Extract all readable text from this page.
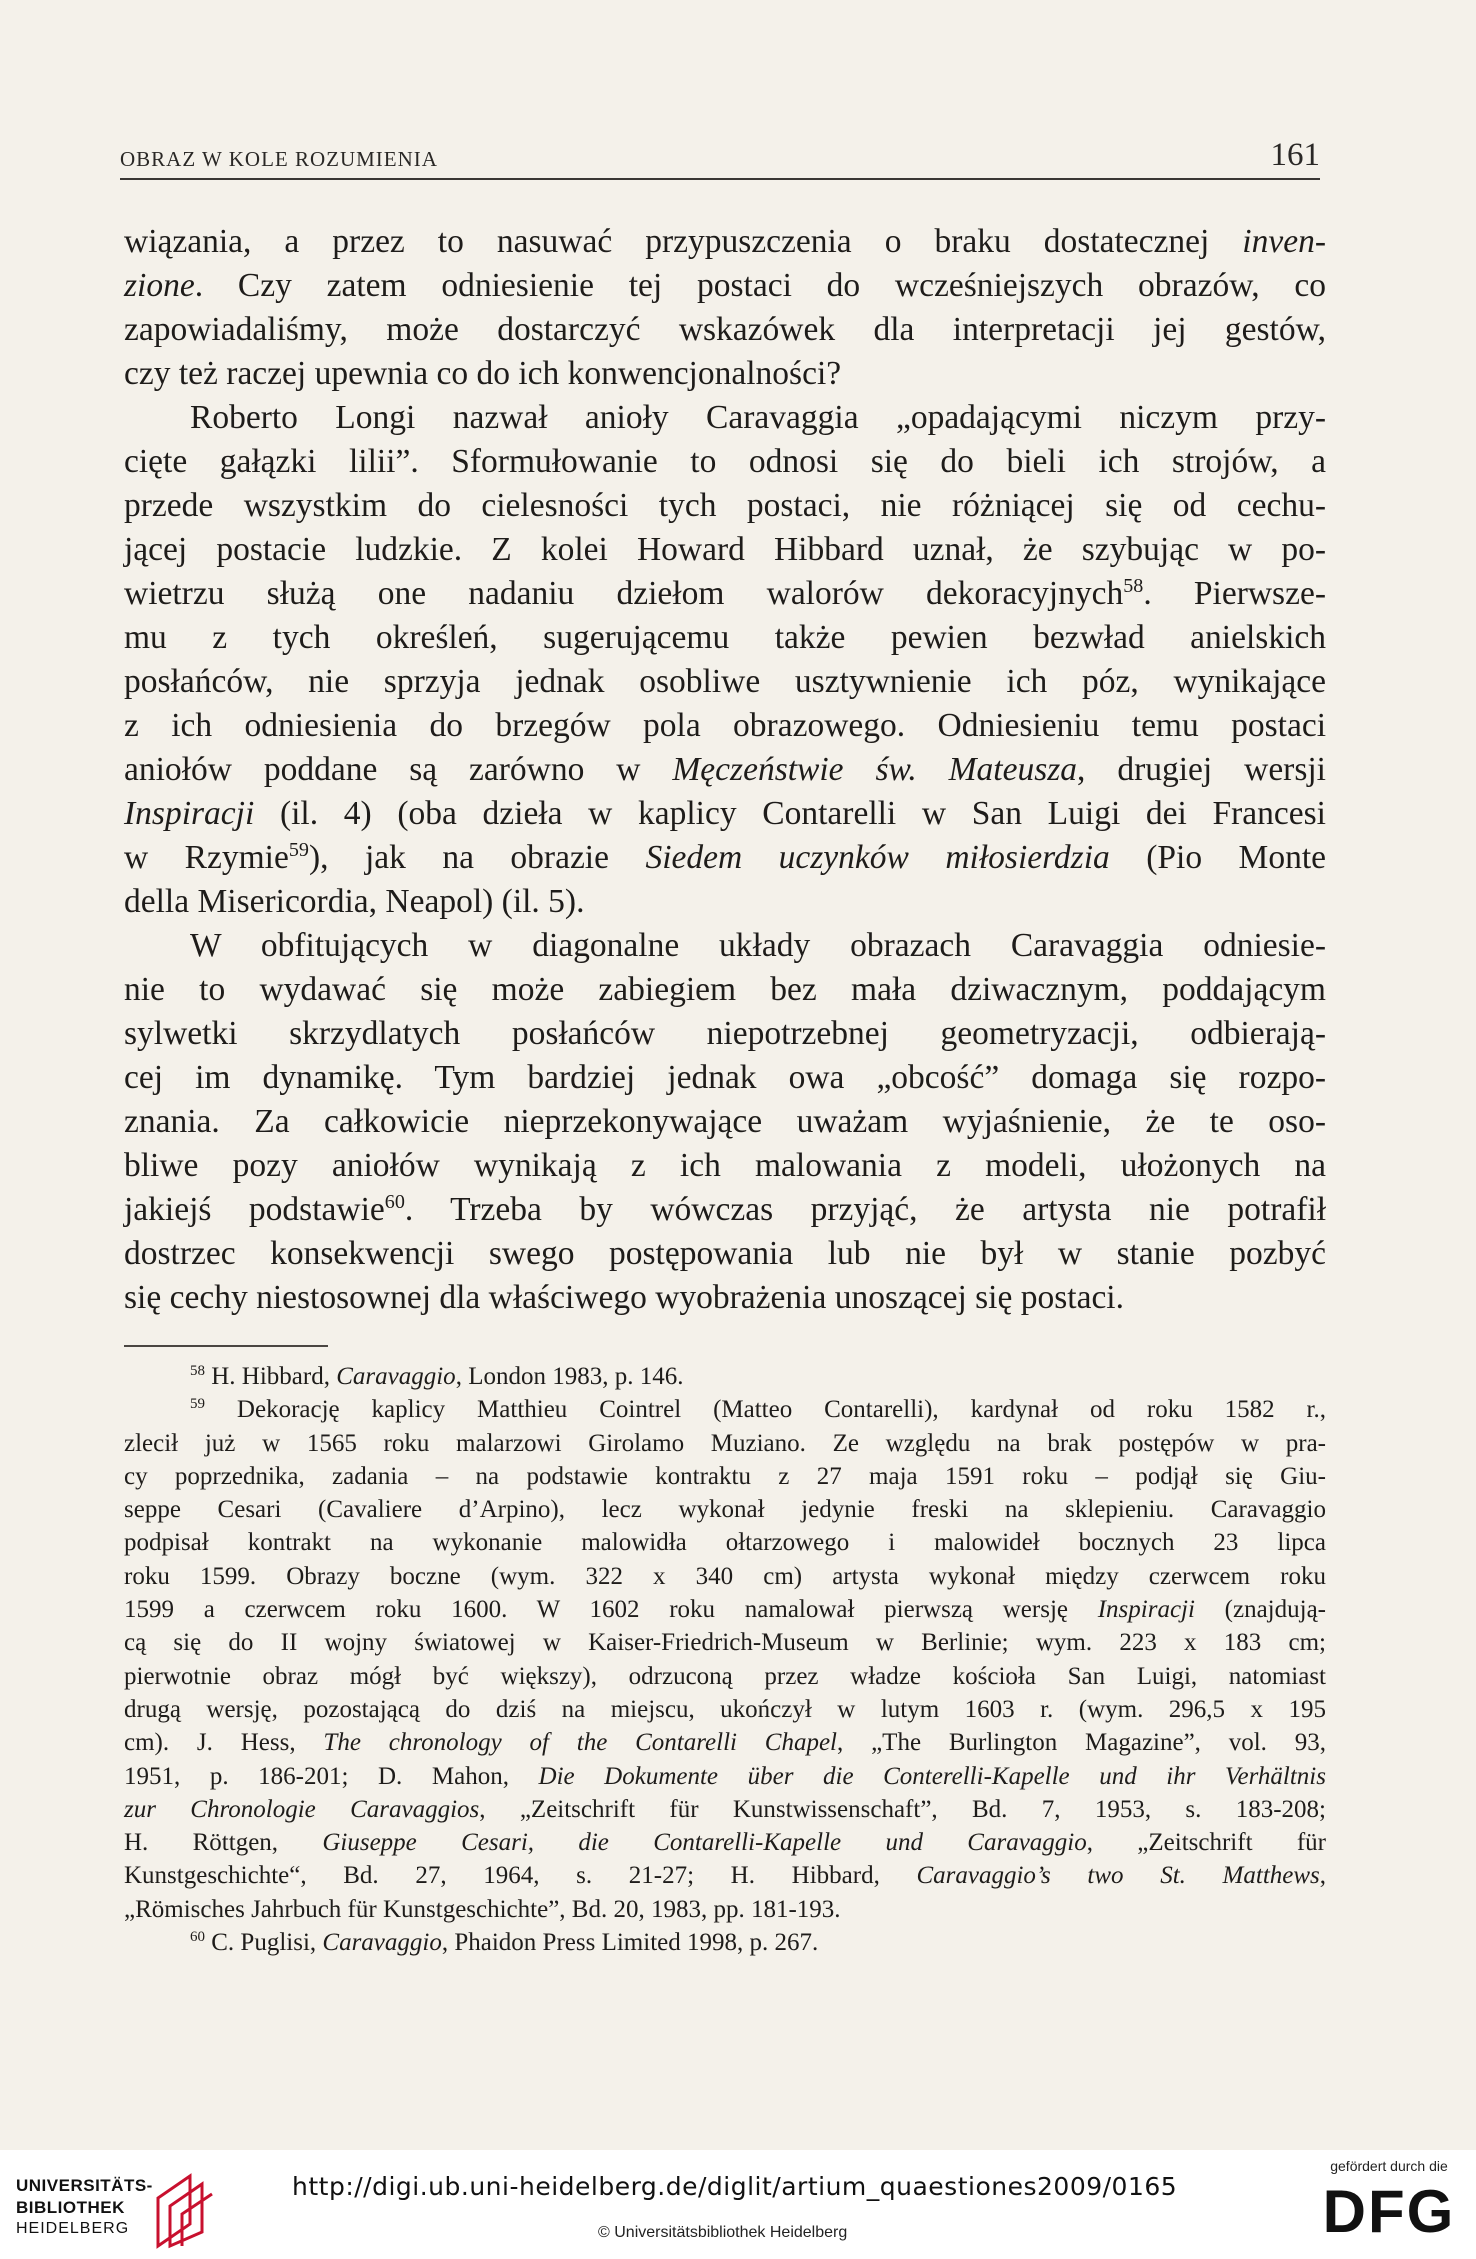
OBRAZ W KOLE ROZUMIENIA	161
wiązania, a przez to nasuwać przypuszczenia o braku dostatecznej inven-
zione. Czy zatem odniesienie tej postaci do wcześniejszych obrazów, co
zapowiadaliśmy, może dostarczyć wskazówek dla interpretacji jej gestów,
czy też raczej upewnia co do ich konwencjonalności?
Roberto Longi nazwał anioły Caravaggia „opadającymi niczym przy-
cięte gałązki lilii”. Sformułowanie to odnosi się do bieli ich strojów, a
przede wszystkim do cielesności tych postaci, nie różniącej się od cechu-
jącej postacie ludzkie. Z kolei Howard Hibbard uznał, że szybując w po-
wietrzu służą one nadaniu dziełom walorów dekoracyjnych$^{58}$. Pierwsze-
mu z tych określeń, sugerującemu także pewien bezwład anielskich
posłańców, nie sprzyja jednak osobliwe usztywnienie ich póz, wynikające
z ich odniesienia do brzegów pola obrazowego. Odniesieniu temu postaci
aniołów poddane są zarówno w Męczeństwie św. Mateusza, drugiej wersji
Inspiracji (il. 4) (oba dzieła w kaplicy Contarelli w San Luigi dei Francesi
w Rzymie$^{59}$), jak na obrazie Siedem uczynków miłosierdzia (Pio Monte
della Misericordia, Neapol) (il. 5).
W obfitujących w diagonalne układy obrazach Caravaggia odniesie-
nie to wydawać się może zabiegiem bez mała dziwacznym, poddającym
sylwetki skrzydlatych posłańców niepotrzebnej geometryzacji, odbierają-
cej im dynamikę. Tym bardziej jednak owa „obcość” domaga się rozpo-
znania. Za całkowicie nieprzekonywające uważam wyjaśnienie, że te oso-
bliwe pozy aniołów wynikają z ich malowania z modeli, ułożonych na
jakiejś podstawie$^{60}$. Trzeba by wówczas przyjąć, że artysta nie potrafił
dostrzec konsekwencji swego postępowania lub nie był w stanie pozbyć
się cechy niestosownej dla właściwego wyobrażenia unoszącej się postaci.
$^{58}$ H. Hibbard, Caravaggio, London 1983, p. 146.
$^{59}$ Dekorację kaplicy Matthieu Cointrel (Matteo Contarelli), kardynał od roku 1582 r.,
zlecił już w 1565 roku malarzowi Girolamo Muziano. Ze względu na brak postępów w pra-
cy poprzednika, zadania – na podstawie kontraktu z 27 maja 1591 roku – podjął się Giu-
seppe Cesari (Cavaliere d’Arpino), lecz wykonał jedynie freski na sklepieniu. Caravaggio
podpisał kontrakt na wykonanie malowidła ołtarzowego i malowideł bocznych 23 lipca
roku 1599. Obrazy boczne (wym. 322 x 340 cm) artysta wykonał między czerwcem roku
1599 a czerwcem roku 1600. W 1602 roku namalował pierwszą wersję Inspiracji (znajdują-
cą się do II wojny światowej w Kaiser-Friedrich-Museum w Berlinie; wym. 223 x 183 cm;
pierwotnie obraz mógł być większy), odrzuconą przez władze kościoła San Luigi, natomiast
drugą wersję, pozostającą do dziś na miejscu, ukończył w lutym 1603 r. (wym. 296,5 x 195
cm). J. Hess, The chronology of the Contarelli Chapel, „The Burlington Magazine”, vol. 93,
1951, p. 186-201; D. Mahon, Die Dokumente über die Conterelli-Kapelle und ihr Verhältnis
zur Chronologie Caravaggios, „Zeitschrift für Kunstwissenschaft”, Bd. 7, 1953, s. 183-208;
H. Röttgen, Giuseppe Cesari, die Contarelli-Kapelle und Caravaggio, „Zeitschrift für
Kunstgeschichte“, Bd. 27, 1964, s. 21-27; H. Hibbard, Caravaggio’s two St. Matthews,
„Römisches Jahrbuch für Kunstgeschichte”, Bd. 20, 1983, pp. 181-193.
$^{60}$ C. Puglisi, Caravaggio, Phaidon Press Limited 1998, p. 267.
UNIVERSITÄTS-
BIBLIOTHEK
HEIDELBERG
http://digi.ub.uni-heidelberg.de/diglit/artium_quaestiones2009/0165
© Universitätsbibliothek Heidelberg
gefördert durch die
DFG
